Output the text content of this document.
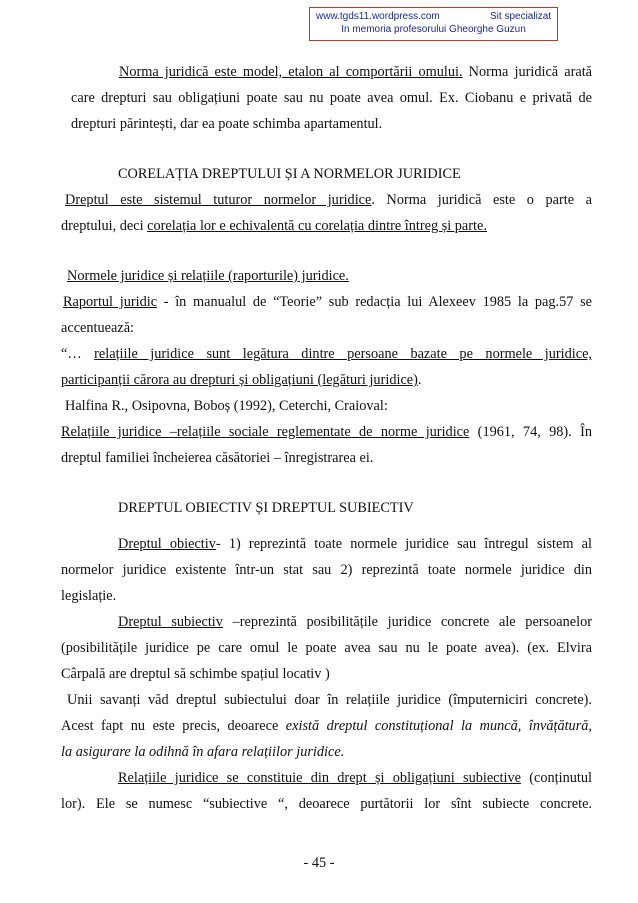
www.tgds11.wordpress.com	Sit specializat
In memoria profesorului Gheorghe Guzun
Norma juridică este model, etalon al comportării omului. Norma juridică arată
care drepturi sau obligațiuni poate sau nu poate avea omul. Ex. Ciobanu e privată de
drepturi părintești, dar ea poate schimba apartamentul.
CORELAȚIA DREPTULUI ȘI A NORMELOR JURIDICE
Dreptul este sistemul tuturor normelor juridice. Norma juridică este o parte a
dreptului, deci corelația lor e echivalentă cu corelația dintre întreg și parte.
Normele juridice și relațiile (raporturile) juridice.
Raportul juridic - în manualul de “Teorie” sub redacția lui Alexeev 1985 la pag.57 se
accentuează:
“… relațiile juridice sunt legătura dintre persoane bazate pe normele juridice,
participanții cărora au drepturi și obligațiuni (legături juridice).
Halfina R., Osipovna, Boboș (1992), Ceterchi, Craioval:
Relațiile juridice –relațiile sociale reglementate de norme juridice (1961, 74, 98). În
dreptul familiei încheierea căsătoriei – înregistrarea ei.
DREPTUL OBIECTIV ȘI DREPTUL SUBIECTIV
Dreptul obiectiv- 1) reprezintă toate normele juridice sau întregul sistem al
normelor juridice existente într-un stat sau 2) reprezintă toate normele juridice din
legislație.
Dreptul subiectiv –reprezintă posibilitățile juridice concrete ale persoanelor
(posibilitățile juridice pe care omul le poate avea sau nu le poate avea). (ex. Elvira
Cârpală are dreptul să schimbe spațiul locativ )
Unii savanți văd dreptul subiectului doar în relațiile juridice (împuterniciri concrete).
Acest fapt nu este precis, deoarece există dreptul constituțional la muncă, învățătură,
la asigurare la odihnă în afara relațiilor juridice.
Relațiile juridice se constituie din drept și obligațiuni subiective (conținutul
lor). Ele se numesc “subiective “, deoarece purtătorii lor sînt subiecte concrete.
- 45 -
